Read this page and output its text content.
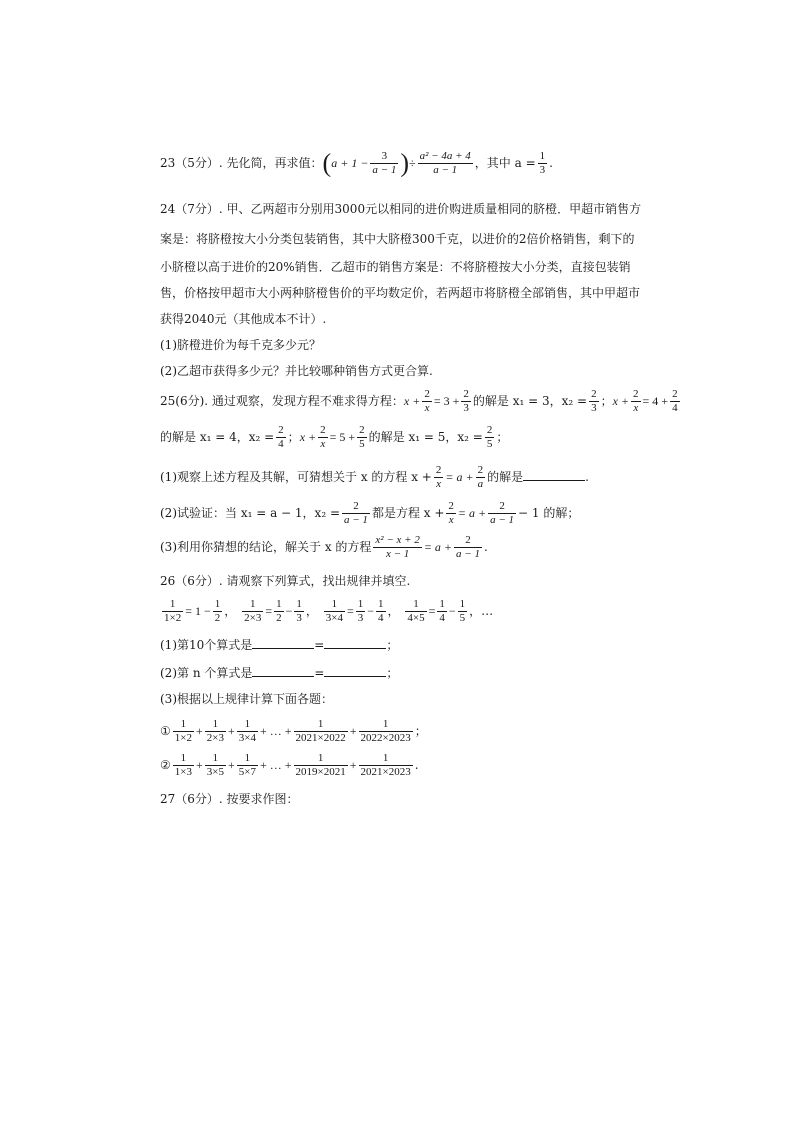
23（5分）. 先化简，再求值：($a + 1 - \frac{3}{a - 1}$ )÷ $\frac{\text{a² − 4a + 4}}{a - 1}$ ，其中 $a = \frac{1}{3}$ .
24（7分）. 甲、乙两超市分别用3000元以相同的进价购进质量相同的脐橙．甲超市销售方
案是：将脐橙按大小分类包装销售，其中大脐橙300千克，以进价的2倍价格销售，剩下的
小脐橙以高于进价的20%销售．乙超市的销售方案是：不将脐橙按大小分类，直接包装销
售，价格按甲超市大小两种脐橙售价的平均数定价，若两超市将脐橙全部销售，其中甲超市
获得2040元（其他成本不计）.
(1)脐橙进价为每千克多少元？
(2)乙超市获得多少元？并比较哪种销售方式更合算.
25(6分). 通过观察，发现方程不难求得方程：$x + \frac{2}{x} = 3 + \frac{2}{3}$ 的解是 x₁ = 3，$x_2 = \frac{2}{3}$ ；$x + \frac{2}{x} = 4 + \frac{2}{4}$
的解是 x₁ = 4，$x_2 = \frac{2}{4}$ ；$x + \frac{2}{x} = 5 + \frac{2}{5}$ 的解是 x₁ = 5，$x_2 = \frac{2}{5}$ ；
(1)观察上述方程及其解，可猜想关于 x 的方程 $x + \frac{2}{x} = a + \frac{2}{a}$ 的解是	.
(2)试验证：当 x₁ = a − 1，$x_2 = \frac{2}{a - 1}$ 都是方程 $x + \frac{2}{x} = a + \frac{2}{a - 1} - 1$ 的解；
(3)利用你猜想的结论，解关于 x 的方程 $\frac{\text{x² − x + 2}}{x - 1} = a + \frac{2}{a - 1}$ .
26（6分）. 请观察下列算式，找出规律并填空.
$\frac{1}{1\times 2} = 1 - \frac{1}{2}$ ， $\frac{1}{2\times 3} = \frac{1}{2} - \frac{1}{3}$ ， $\frac{1}{3\times 4} = \frac{1}{3} - \frac{1}{4}$ ， $\frac{1}{4\times 5} = \frac{1}{4} - \frac{1}{5}$ ，…
(1)第10个算式是	=	；
(2)第 n 个算式是	=	；
(3)根据以上规律计算下面各题：
① $\frac{1}{1\times 2} + \frac{1}{2\times 3} + \frac{1}{3\times 4}$ + … + $\frac{1}{2021\times 2022} + \frac{1}{2022\times 2023}$ ；
② $\frac{1}{1\times 3} + \frac{1}{3\times 5} + \frac{1}{5\times 7}$ + … + $\frac{1}{2019\times 2021} + \frac{1}{2021\times 2023}$ .
27（6分）. 按要求作图：
